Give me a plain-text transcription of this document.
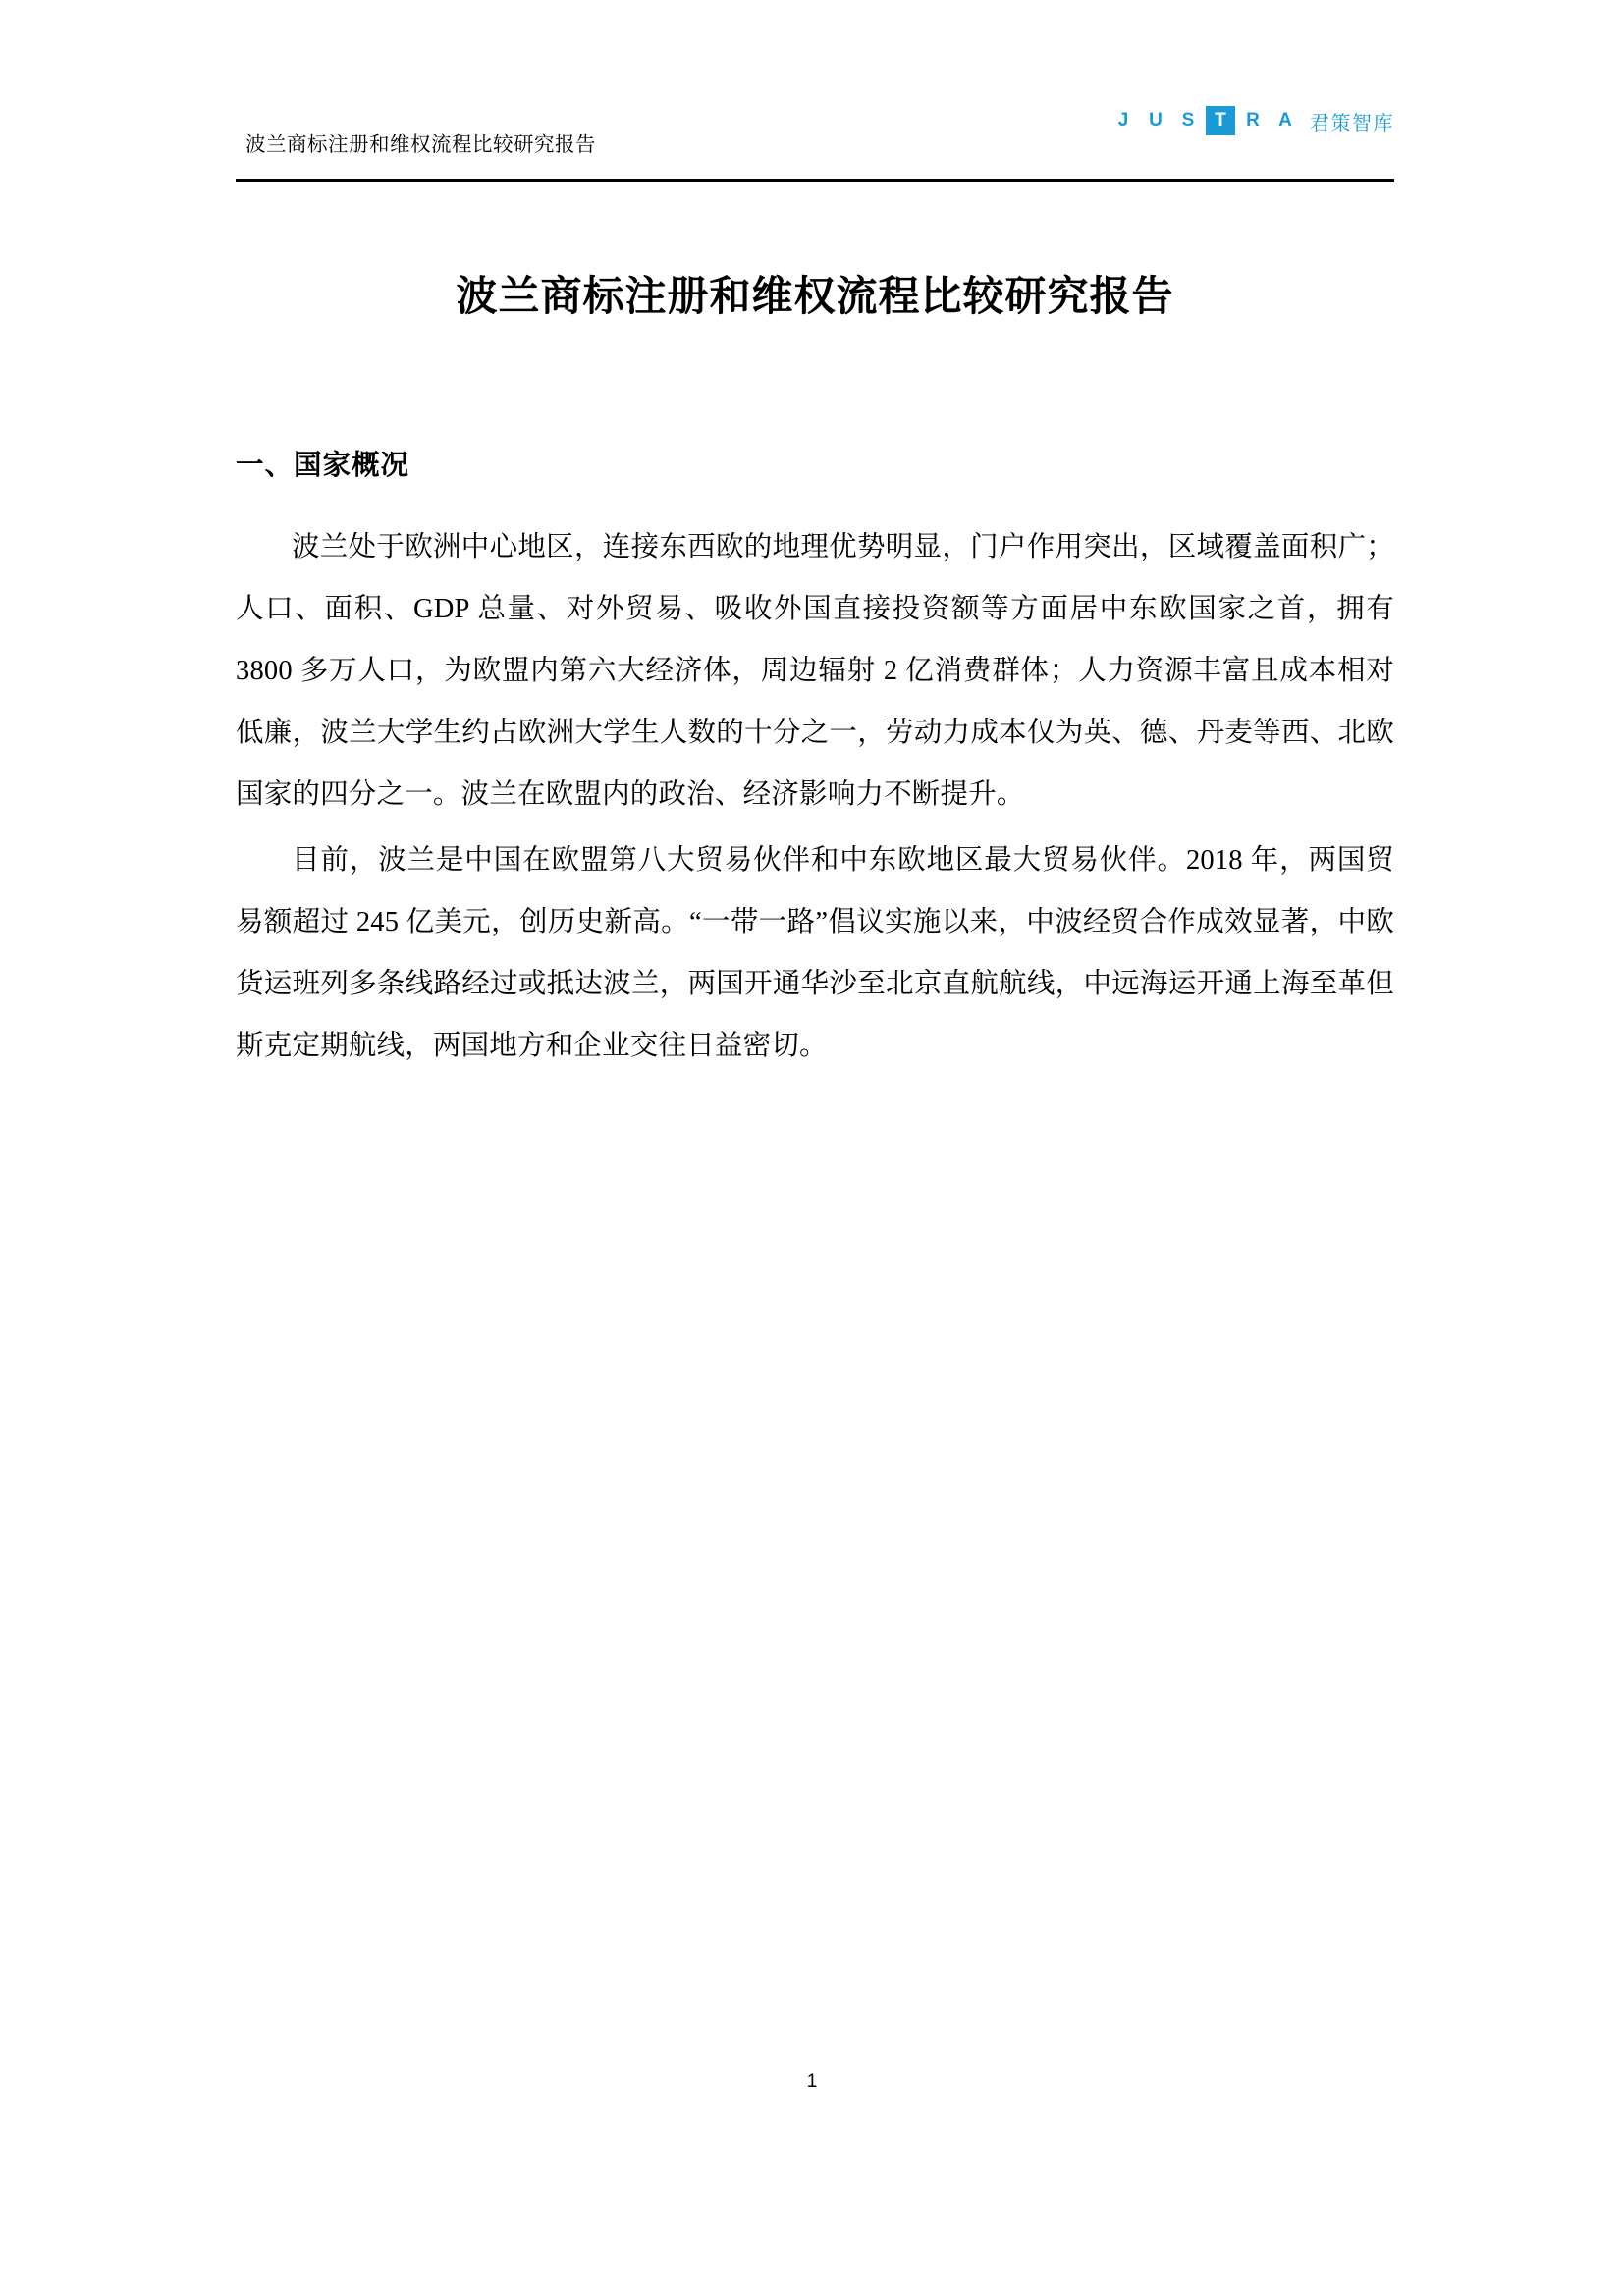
波兰商标注册和维权流程比较研究报告
J	U	S	T	R	A 君策智库
波兰商标注册和维权流程比较研究报告
一、国家概况

波兰处于欧洲中心地区，连接东西欧的地理优势明显，门户作用突出，区域覆盖面积广；人口、面积、GDP 总量、对外贸易、吸收外国直接投资额等方面居中东欧国家之首，拥有 3800 多万人口，为欧盟内第六大经济体，周边辐射 2 亿消费群体；人力资源丰富且成本相对低廉，波兰大学生约占欧洲大学生人数的十分之一，劳动力成本仅为英、德、丹麦等西、北欧国家的四分之一。波兰在欧盟内的政治、经济影响力不断提升。

目前，波兰是中国在欧盟第八大贸易伙伴和中东欧地区最大贸易伙伴。2018 年，两国贸易额超过 245 亿美元，创历史新高。“一带一路”倡议实施以来，中波经贸合作成效显著，中欧货运班列多条线路经过或抵达波兰，两国开通华沙至北京直航航线，中远海运开通上海至革但斯克定期航线，两国地方和企业交往日益密切。

1
